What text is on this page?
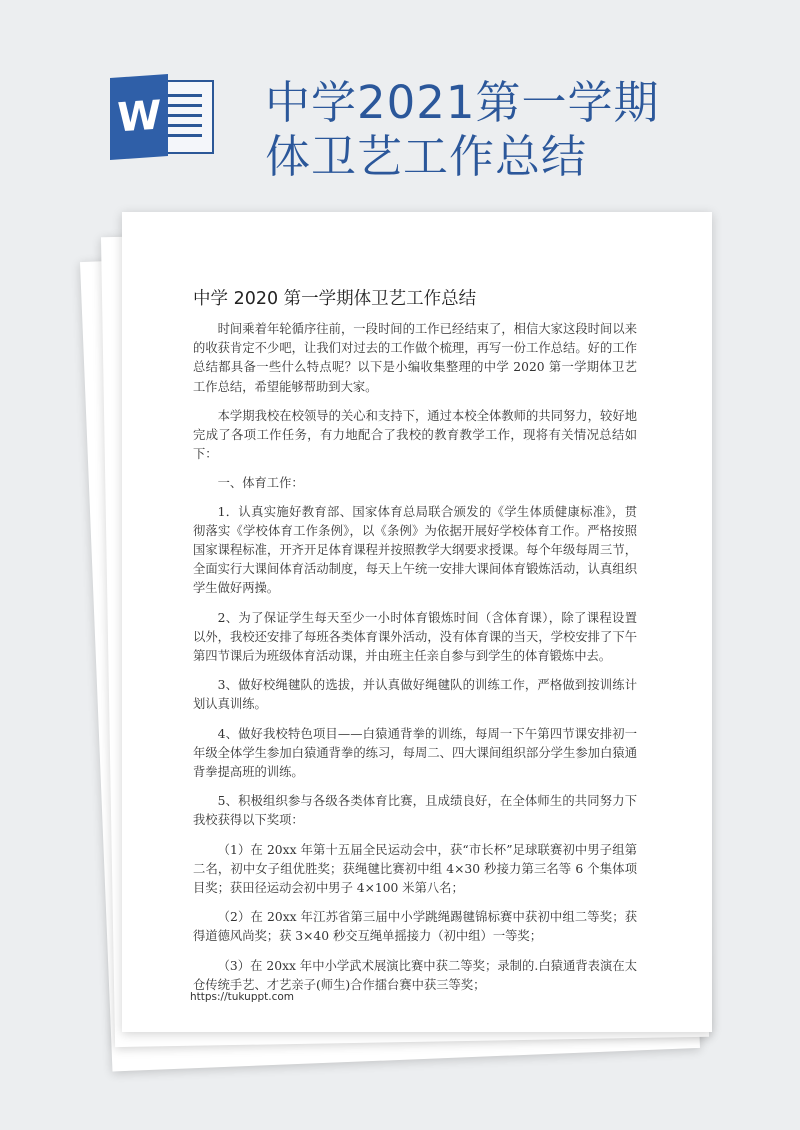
W 中学2021第一学期
体卫艺工作总结
中学 2020 第一学期体卫艺工作总结

时间乘着年轮循序往前，一段时间的工作已经结束了，相信大家这段时间以来的收获肯定不少吧，让我们对过去的工作做个梳理，再写一份工作总结。好的工作总结都具备一些什么特点呢？以下是小编收集整理的中学 2020 第一学期体卫艺工作总结，希望能够帮助到大家。

本学期我校在校领导的关心和支持下，通过本校全体教师的共同努力，较好地完成了各项工作任务，有力地配合了我校的教育教学工作，现将有关情况总结如下：

一、体育工作：

1．认真实施好教育部、国家体育总局联合颁发的《学生体质健康标准》，贯彻落实《学校体育工作条例》，以《条例》为依据开展好学校体育工作。严格按照国家课程标准，开齐开足体育课程并按照教学大纲要求授课。每个年级每周三节，全面实行大课间体育活动制度，每天上午统一安排大课间体育锻炼活动，认真组织学生做好两操。

2、为了保证学生每天至少一小时体育锻炼时间（含体育课），除了课程设置以外，我校还安排了每班各类体育课外活动，没有体育课的当天，学校安排了下午第四节课后为班级体育活动课，并由班主任亲自参与到学生的体育锻炼中去。

3、做好校绳毽队的选拔，并认真做好绳毽队的训练工作，严格做到按训练计划认真训练。

4、做好我校特色项目——白猿通背拳的训练，每周一下午第四节课安排初一年级全体学生参加白猿通背拳的练习，每周二、四大课间组织部分学生参加白猿通背拳提高班的训练。

5、积极组织参与各级各类体育比赛，且成绩良好，在全体师生的共同努力下我校获得以下奖项：

（1）在 20xx 年第十五届全民运动会中，获“市长杯”足球联赛初中男子组第二名，初中女子组优胜奖；获绳毽比赛初中组 4×30 秒接力第三名等 6 个集体项目奖；获田径运动会初中男子 4×100 米第八名；

（2）在 20xx 年江苏省第三届中小学跳绳踢毽锦标赛中获初中组二等奖；获得道德风尚奖；获 3×40 秒交互绳单摇接力（初中组）一等奖；

（3）在 20xx 年中小学武术展演比赛中获二等奖；录制的.白猿通背表演在太仓传统手艺、才艺亲子(师生)合作擂台赛中获三等奖；

https://tukuppt.com
